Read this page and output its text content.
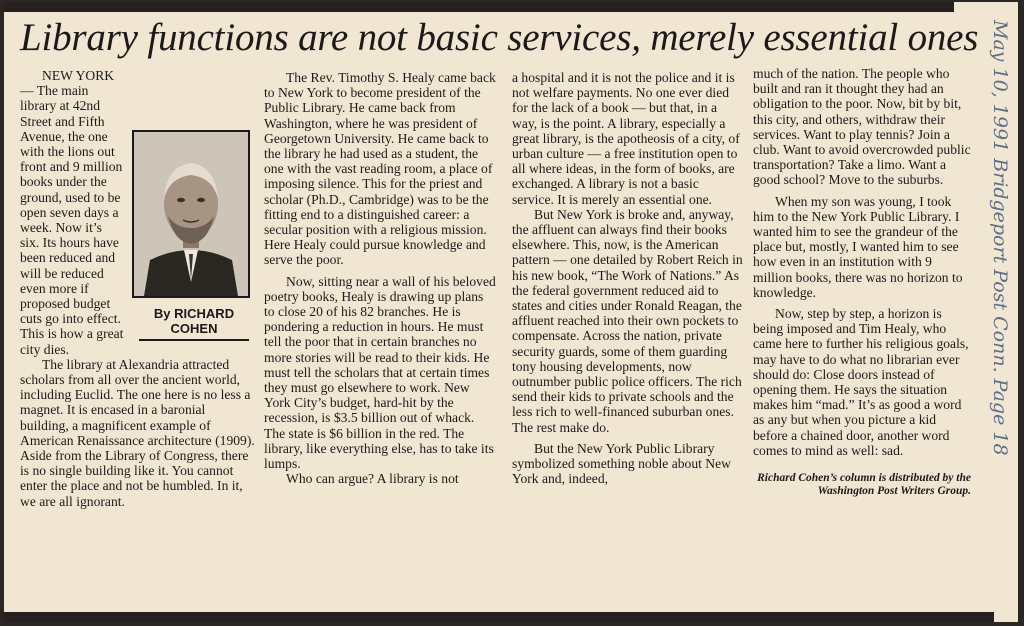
Library functions are not basic services, merely essential ones
By RICHARD
COHEN

NEW YORK — The main library at 42nd Street and Fifth Avenue, the one with the lions out front and 9 million books under the ground, used to be open seven days a week. Now it’s six. Its hours have been reduced and will be reduced even more if proposed budget cuts go into effect. This is how a great city dies.

The library at Alexandria attracted scholars from all over the ancient world, including Euclid. The one here is no less a magnet. It is encased in a baronial building, a magnificent example of American Renaissance architecture (1909). Aside from the Library of Congress, there is no single building like it. You cannot enter the place and not be humbled. In it, we are all ignorant.

The Rev. Timothy S. Healy came back to New York to become president of the Public Library. He came back from Washington, where he was president of Georgetown University. He came back to the library he had used as a student, the one with the vast reading room, a place of imposing silence. This for the priest and scholar (Ph.D., Cambridge) was to be the fitting end to a distinguished career: a secular position with a religious mission. Here Healy could pursue knowledge and serve the poor.

Now, sitting near a wall of his beloved poetry books, Healy is drawing up plans to close 20 of his 82 branches. He is pondering a reduction in hours. He must tell the poor that in certain branches no more stories will be read to their kids. He must tell the scholars that at certain times they must go elsewhere to work. New York City’s budget, hard-hit by the recession, is $3.5 billion out of whack. The state is $6 billion in the red. The library, like everything else, has to take its lumps.

Who can argue? A library is not

a hospital and it is not the police and it is not welfare payments. No one ever died for the lack of a book — but that, in a way, is the point. A library, especially a great library, is the apotheosis of a city, of urban culture — a free institution open to all where ideas, in the form of books, are exchanged. A library is not a basic service. It is merely an essential one.

But New York is broke and, anyway, the affluent can always find their books elsewhere. This, now, is the American pattern — one detailed by Robert Reich in his new book, “The Work of Nations.” As the federal government reduced aid to states and cities under Ronald Reagan, the affluent reached into their own pockets to compensate. Across the nation, private security guards, some of them guarding tony housing developments, now outnumber public police officers. The rich send their kids to private schools and the less rich to well-financed suburban ones. The rest make do.

But the New York Public Library symbolized something noble about New York and, indeed,

much of the nation. The people who built and ran it thought they had an obligation to the poor. Now, bit by bit, this city, and others, withdraw their services. Want to play tennis? Join a club. Want to avoid overcrowded public transportation? Take a limo. Want a good school? Move to the suburbs.

When my son was young, I took him to the New York Public Library. I wanted him to see the grandeur of the place but, mostly, I wanted him to see how even in an institution with 9 million books, there was no horizon to knowledge.

Now, step by step, a horizon is being imposed and Tim Healy, who came here to further his religious goals, may have to do what no librarian ever should do: Close doors instead of opening them. He says the situation makes him “mad.” It’s as good a word as any but when you picture a kid before a chained door, another word comes to mind as well: sad.

Richard Cohen’s column is distributed by the Washington Post Writers Group.

May 10, 1991 Bridgeport Post Conn. Page 18
